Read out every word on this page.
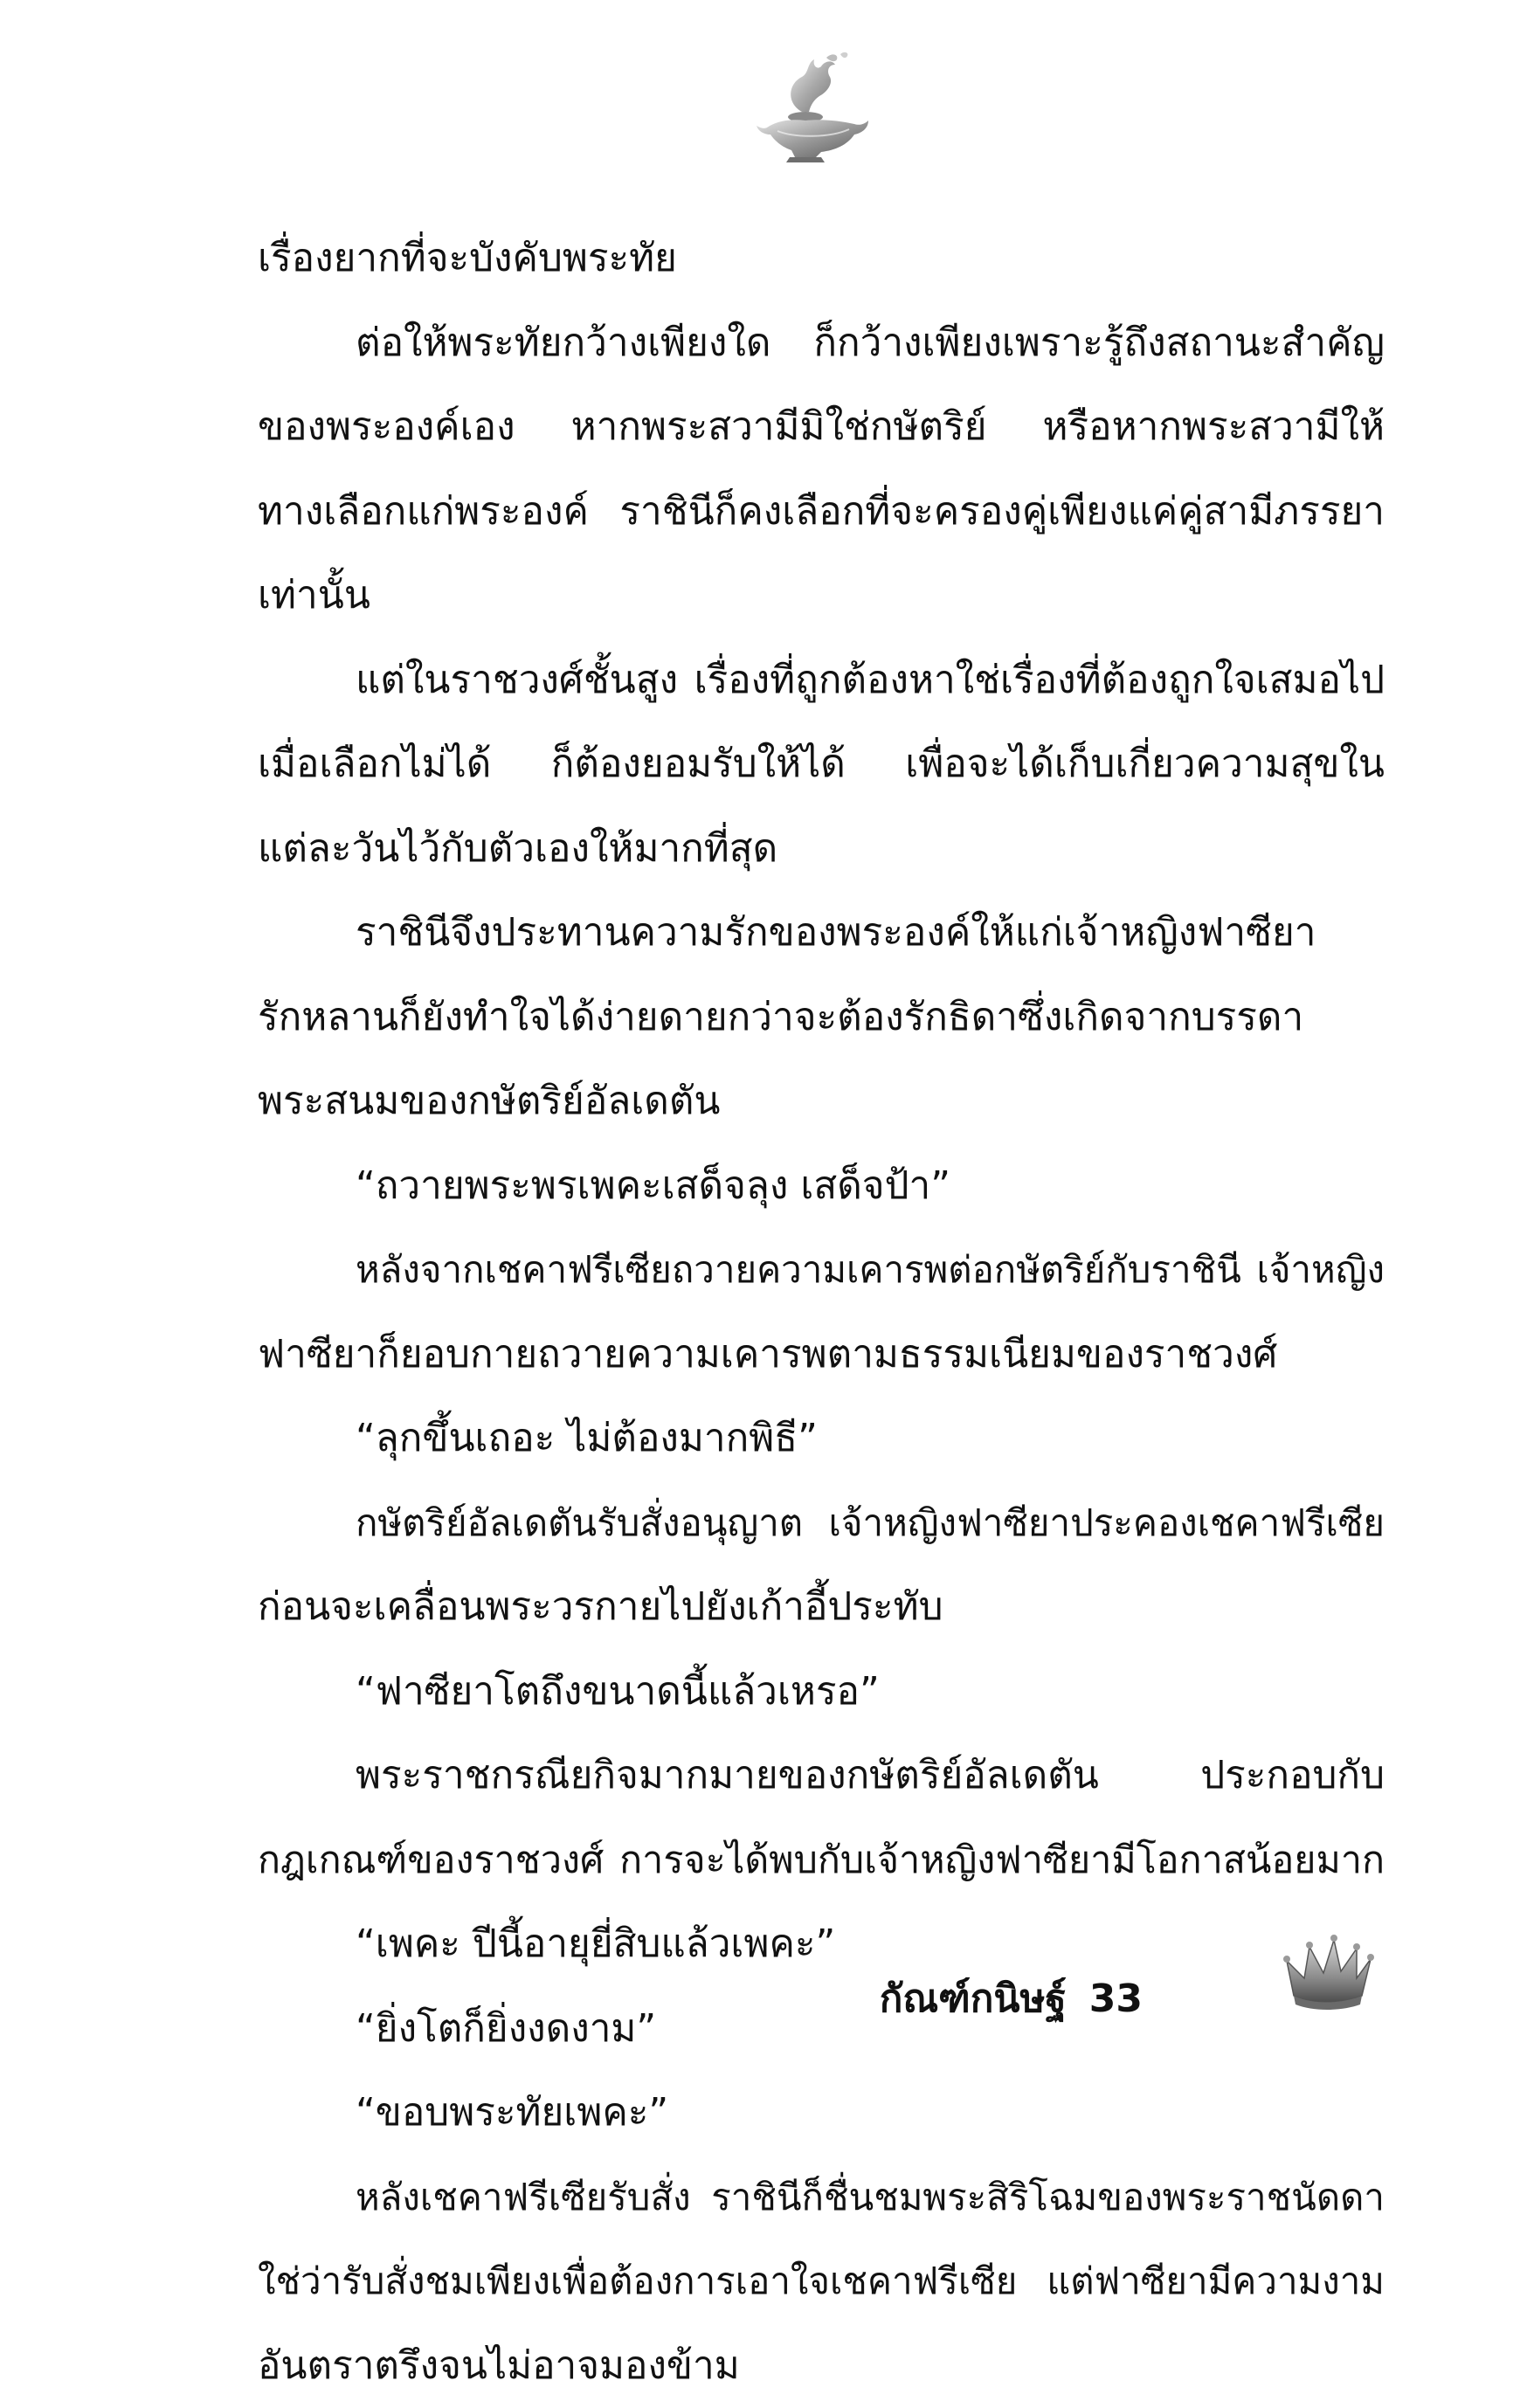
เรื่องยากที่จะบังคับพระทัย
ต่อให้พระทัยกว้างเพียงใด ก็กว้างเพียงเพราะรู้ถึงสถานะสำคัญ
ของพระองค์เอง หากพระสวามีมิใช่กษัตริย์ หรือหากพระสวามีให้
ทางเลือกแก่พระองค์ ราชินีก็คงเลือกที่จะครองคู่เพียงแค่คู่สามีภรรยา
เท่านั้น
แต่ในราชวงศ์ชั้นสูง เรื่องที่ถูกต้องหาใช่เรื่องที่ต้องถูกใจเสมอไป
เมื่อเลือกไม่ได้ ก็ต้องยอมรับให้ได้ เพื่อจะได้เก็บเกี่ยวความสุขใน
แต่ละวันไว้กับตัวเองให้มากที่สุด
ราชินีจึงประทานความรักของพระองค์ให้แก่เจ้าหญิงฟาซียา
รักหลานก็ยังทำใจได้ง่ายดายกว่าจะต้องรักธิดาซึ่งเกิดจากบรรดา
พระสนมของกษัตริย์อัลเดตัน
“ถวายพระพรเพคะเสด็จลุง เสด็จป้า”
หลังจากเชคาฟรีเซียถวายความเคารพต่อกษัตริย์กับราชินี เจ้าหญิง
ฟาซียาก็ยอบกายถวายความเคารพตามธรรมเนียมของราชวงศ์
“ลุกขึ้นเถอะ ไม่ต้องมากพิธี”
กษัตริย์อัลเดตันรับสั่งอนุญาต เจ้าหญิงฟาซียาประคองเชคาฟรีเซีย
ก่อนจะเคลื่อนพระวรกายไปยังเก้าอี้ประทับ
“ฟาซียาโตถึงขนาดนี้แล้วเหรอ”
พระราชกรณียกิจมากมายของกษัตริย์อัลเดตัน ประกอบกับ
กฎเกณฑ์ของราชวงศ์ การจะได้พบกับเจ้าหญิงฟาซียามีโอกาสน้อยมาก
“เพคะ ปีนี้อายุยี่สิบแล้วเพคะ”
“ยิ่งโตก็ยิ่งงดงาม”
“ขอบพระทัยเพคะ”
หลังเชคาฟรีเซียรับสั่ง ราชินีก็ชื่นชมพระสิริโฉมของพระราชนัดดา
ใช่ว่ารับสั่งชมเพียงเพื่อต้องการเอาใจเชคาฟรีเซีย แต่ฟาซียามีความงาม
อันตราตรึงจนไม่อาจมองข้าม
กัณฑ์กนิษฐ์ 33
